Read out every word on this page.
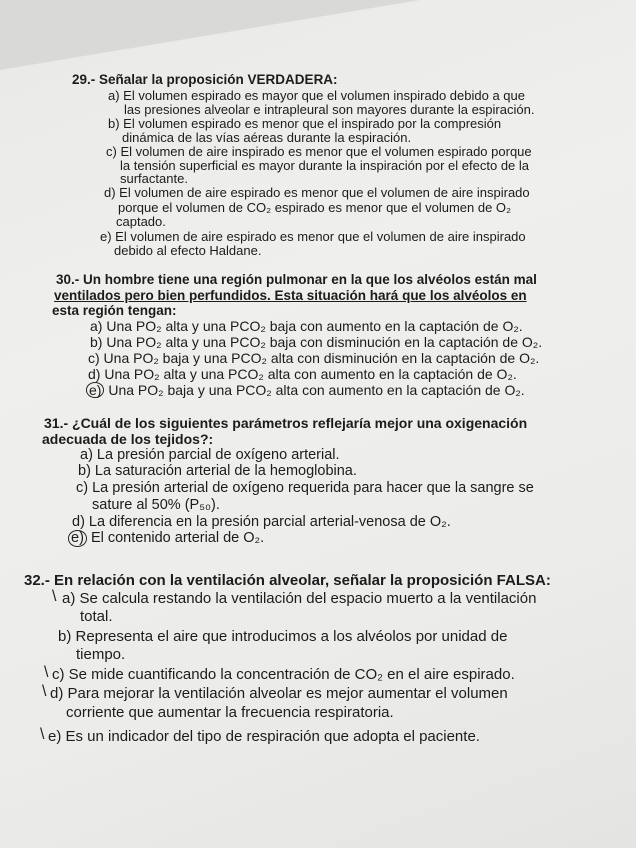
29.- Señalar la proposición VERDADERA:
a) El volumen espirado es mayor que el volumen inspirado debido a que
las presiones alveolar e intrapleural son mayores durante la espiración.
b) El volumen espirado es menor que el inspirado por la compresión
dinámica de las vías aéreas durante la espiración.
c) El volumen de aire inspirado es menor que el volumen espirado porque
la tensión superficial es mayor durante la inspiración por el efecto de la
surfactante.
d) El volumen de aire espirado es menor que el volumen de aire inspirado
porque el volumen de CO₂ espirado es menor que el volumen de O₂
captado.
e) El volumen de aire espirado es menor que el volumen de aire inspirado
debido al efecto Haldane.
30.- Un hombre tiene una región pulmonar en la que los alvéolos están mal
ventilados pero bien perfundidos. Esta situación hará que los alvéolos en
esta región tengan:
a) Una PO₂ alta y una PCO₂ baja con aumento en la captación de O₂.
b) Una PO₂ alta y una PCO₂ baja con disminución en la captación de O₂.
c) Una PO₂ baja y una PCO₂ alta con disminución en la captación de O₂.
d) Una PO₂ alta y una PCO₂ alta con aumento en la captación de O₂.
e) Una PO₂ baja y una PCO₂ alta con aumento en la captación de O₂.
31.- ¿Cuál de los siguientes parámetros reflejaría mejor una oxigenación
adecuada de los tejidos?:
a) La presión parcial de oxígeno arterial.
b) La saturación arterial de la hemoglobina.
c) La presión arterial de oxígeno requerida para hacer que la sangre se
sature al 50% (P₅₀).
d) La diferencia en la presión parcial arterial-venosa de O₂.
e) El contenido arterial de O₂.
32.- En relación con la ventilación alveolar, señalar la proposición FALSA:
\ a) Se calcula restando la ventilación del espacio muerto a la ventilación
total.
b) Representa el aire que introducimos a los alvéolos por unidad de
tiempo.
\ c) Se mide cuantificando la concentración de CO₂ en el aire espirado.
\ d) Para mejorar la ventilación alveolar es mejor aumentar el volumen
corriente que aumentar la frecuencia respiratoria.
\ e) Es un indicador del tipo de respiración que adopta el paciente.
